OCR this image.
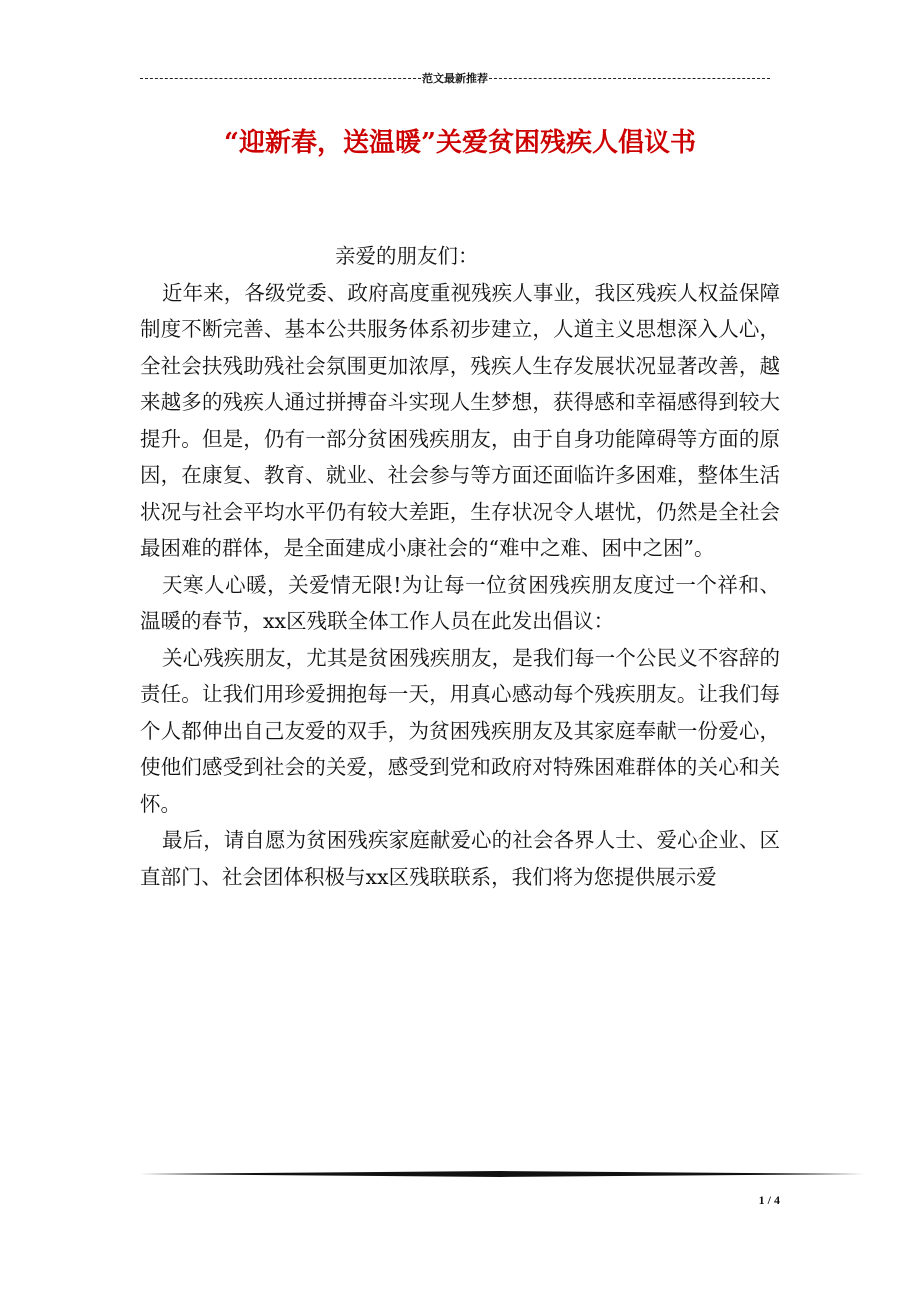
范文最新推荐
“迎新春，送温暖”关爱贫困残疾人倡议书

亲爱的朋友们：

近年来，各级党委、政府高度重视残疾人事业，我区残疾人权益保障制度不断完善、基本公共服务体系初步建立，人道主义思想深入人心，全社会扶残助残社会氛围更加浓厚，残疾人生存发展状况显著改善，越来越多的残疾人通过拼搏奋斗实现人生梦想，获得感和幸福感得到较大提升。但是，仍有一部分贫困残疾朋友，由于自身功能障碍等方面的原因，在康复、教育、就业、社会参与等方面还面临许多困难，整体生活状况与社会平均水平仍有较大差距，生存状况令人堪忧，仍然是全社会最困难的群体，是全面建成小康社会的“难中之难、困中之困”。

天寒人心暖，关爱情无限!为让每一位贫困残疾朋友度过一个祥和、温暖的春节，xx区残联全体工作人员在此发出倡议：

关心残疾朋友，尤其是贫困残疾朋友，是我们每一个公民义不容辞的责任。让我们用珍爱拥抱每一天，用真心感动每个残疾朋友。让我们每个人都伸出自己友爱的双手，为贫困残疾朋友及其家庭奉献一份爱心，使他们感受到社会的关爱，感受到党和政府对特殊困难群体的关心和关怀。

最后，请自愿为贫困残疾家庭献爱心的社会各界人士、爱心企业、区直部门、社会团体积极与xx区残联联系，我们将为您提供展示爱

1 / 4
